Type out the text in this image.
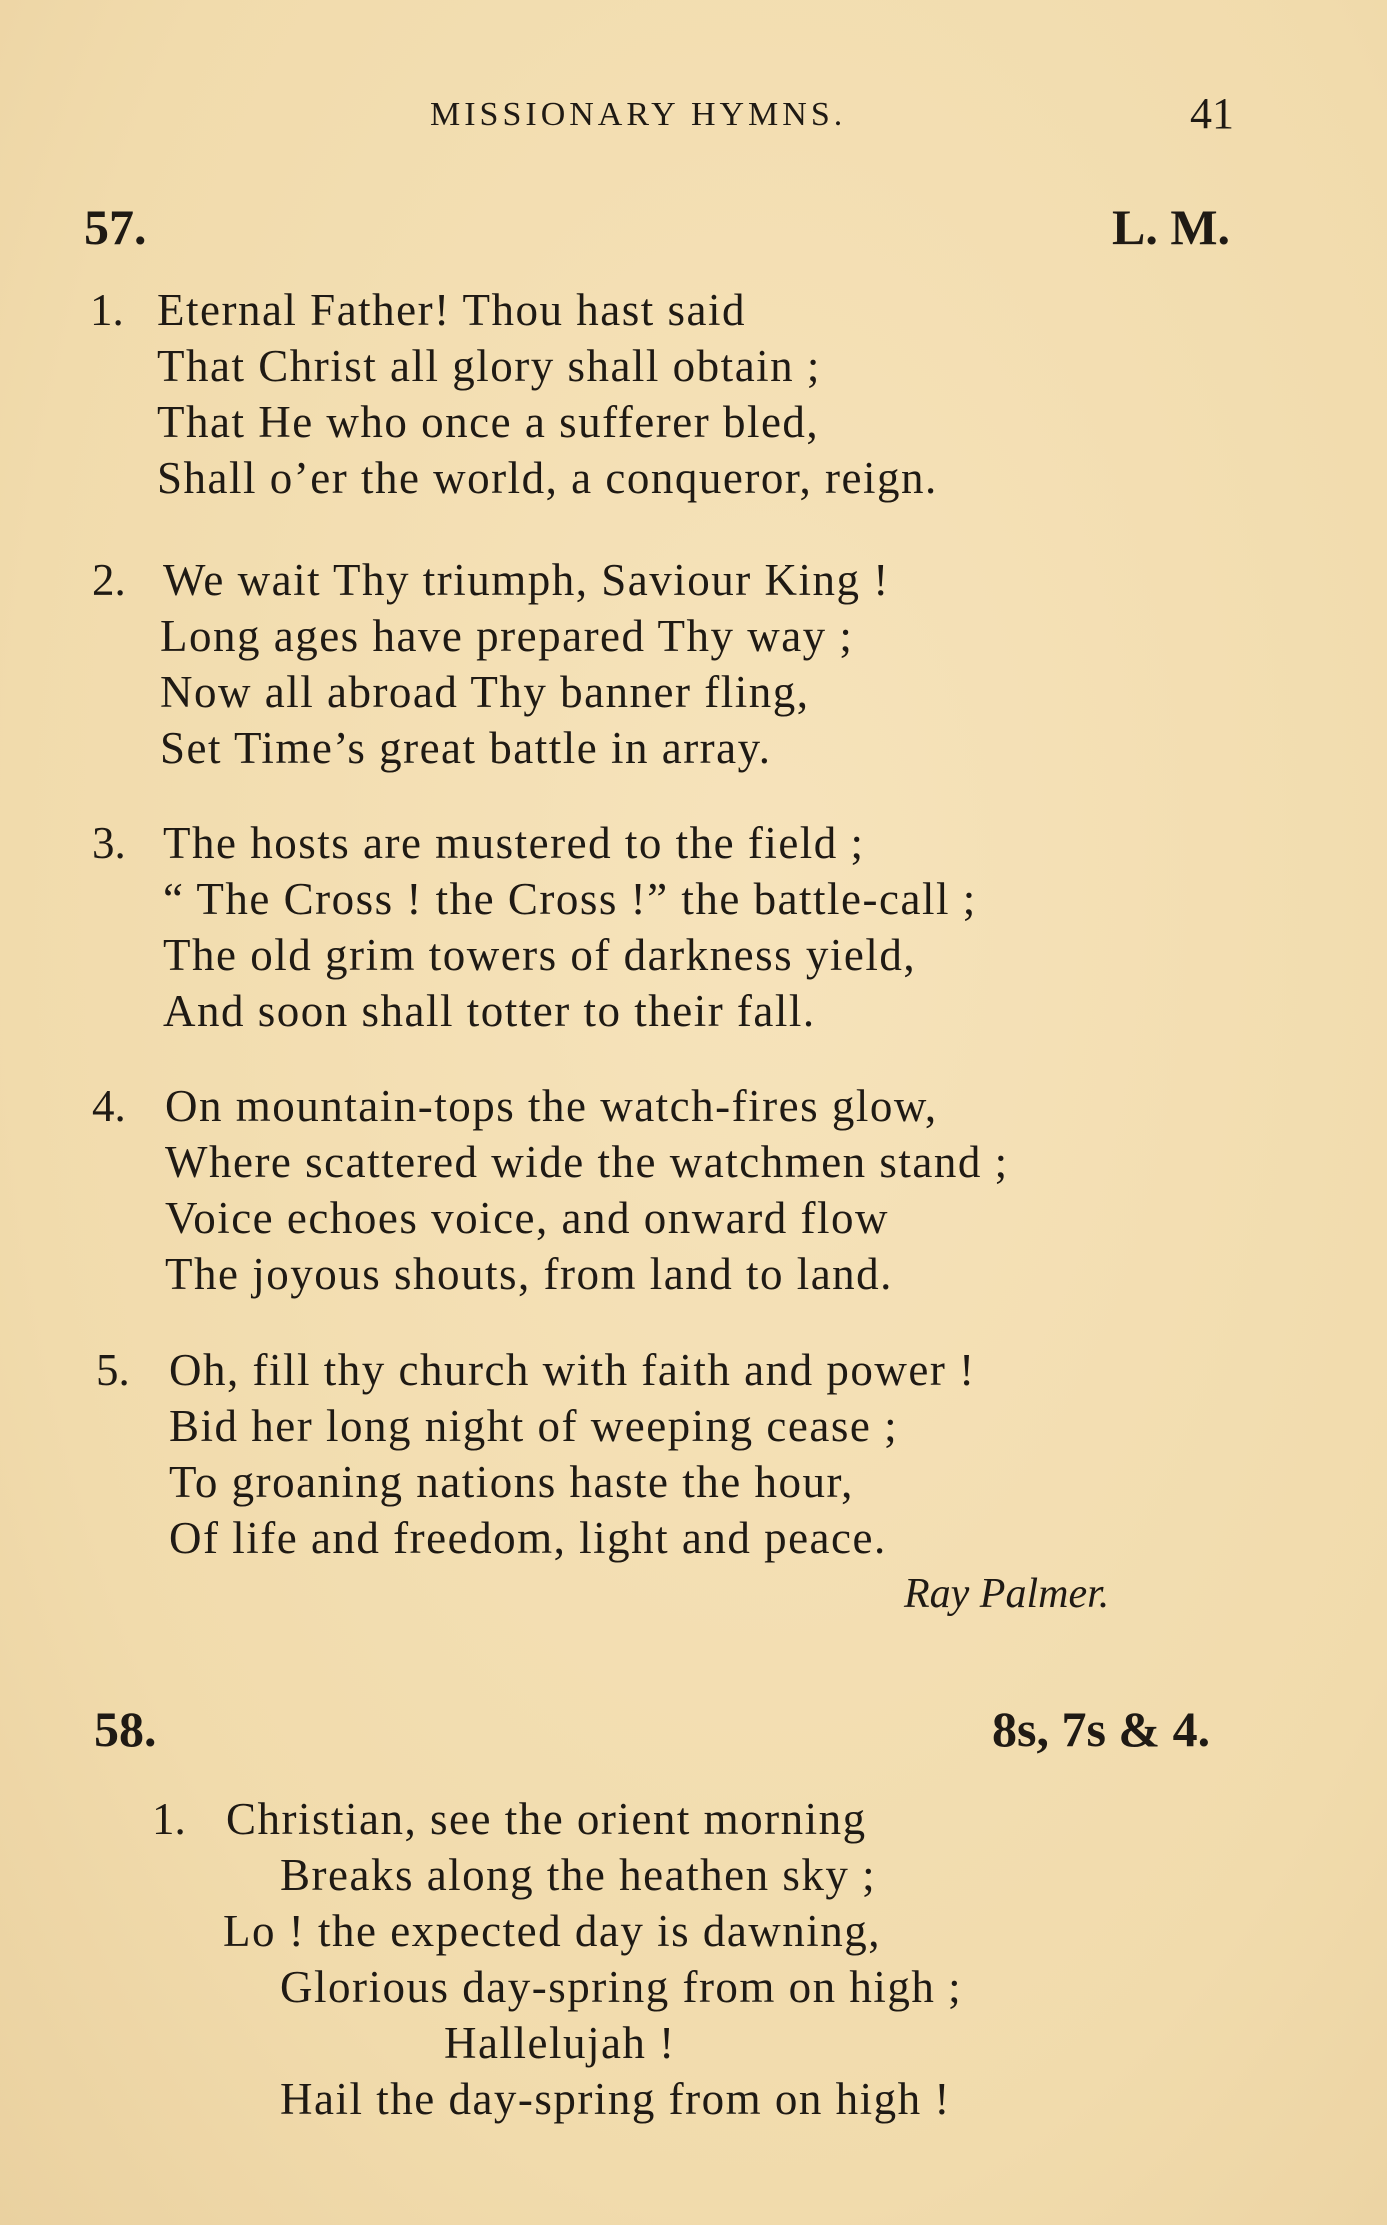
MISSIONARY HYMNS.	41
57.	L. M.
1. Eternal Father! Thou hast said
That Christ all glory shall obtain ;
That He who once a sufferer bled,
Shall o’er the world, a conqueror, reign.
2. We wait Thy triumph, Saviour King !
Long ages have prepared Thy way ;
Now all abroad Thy banner fling,
Set Time’s great battle in array.
3. The hosts are mustered to the field ;
“ The Cross ! the Cross !” the battle-call ;
The old grim towers of darkness yield,
And soon shall totter to their fall.
4. On mountain-tops the watch-fires glow,
Where scattered wide the watchmen stand ;
Voice echoes voice, and onward flow
The joyous shouts, from land to land.
5. Oh, fill thy church with faith and power !
Bid her long night of weeping cease ;
To groaning nations haste the hour,
Of life and freedom, light and peace.
Ray Palmer.
58.	8s, 7s & 4.
1. Christian, see the orient morning
Breaks along the heathen sky ;
Lo ! the expected day is dawning,
Glorious day-spring from on high ;
Hallelujah !
Hail the day-spring from on high !
